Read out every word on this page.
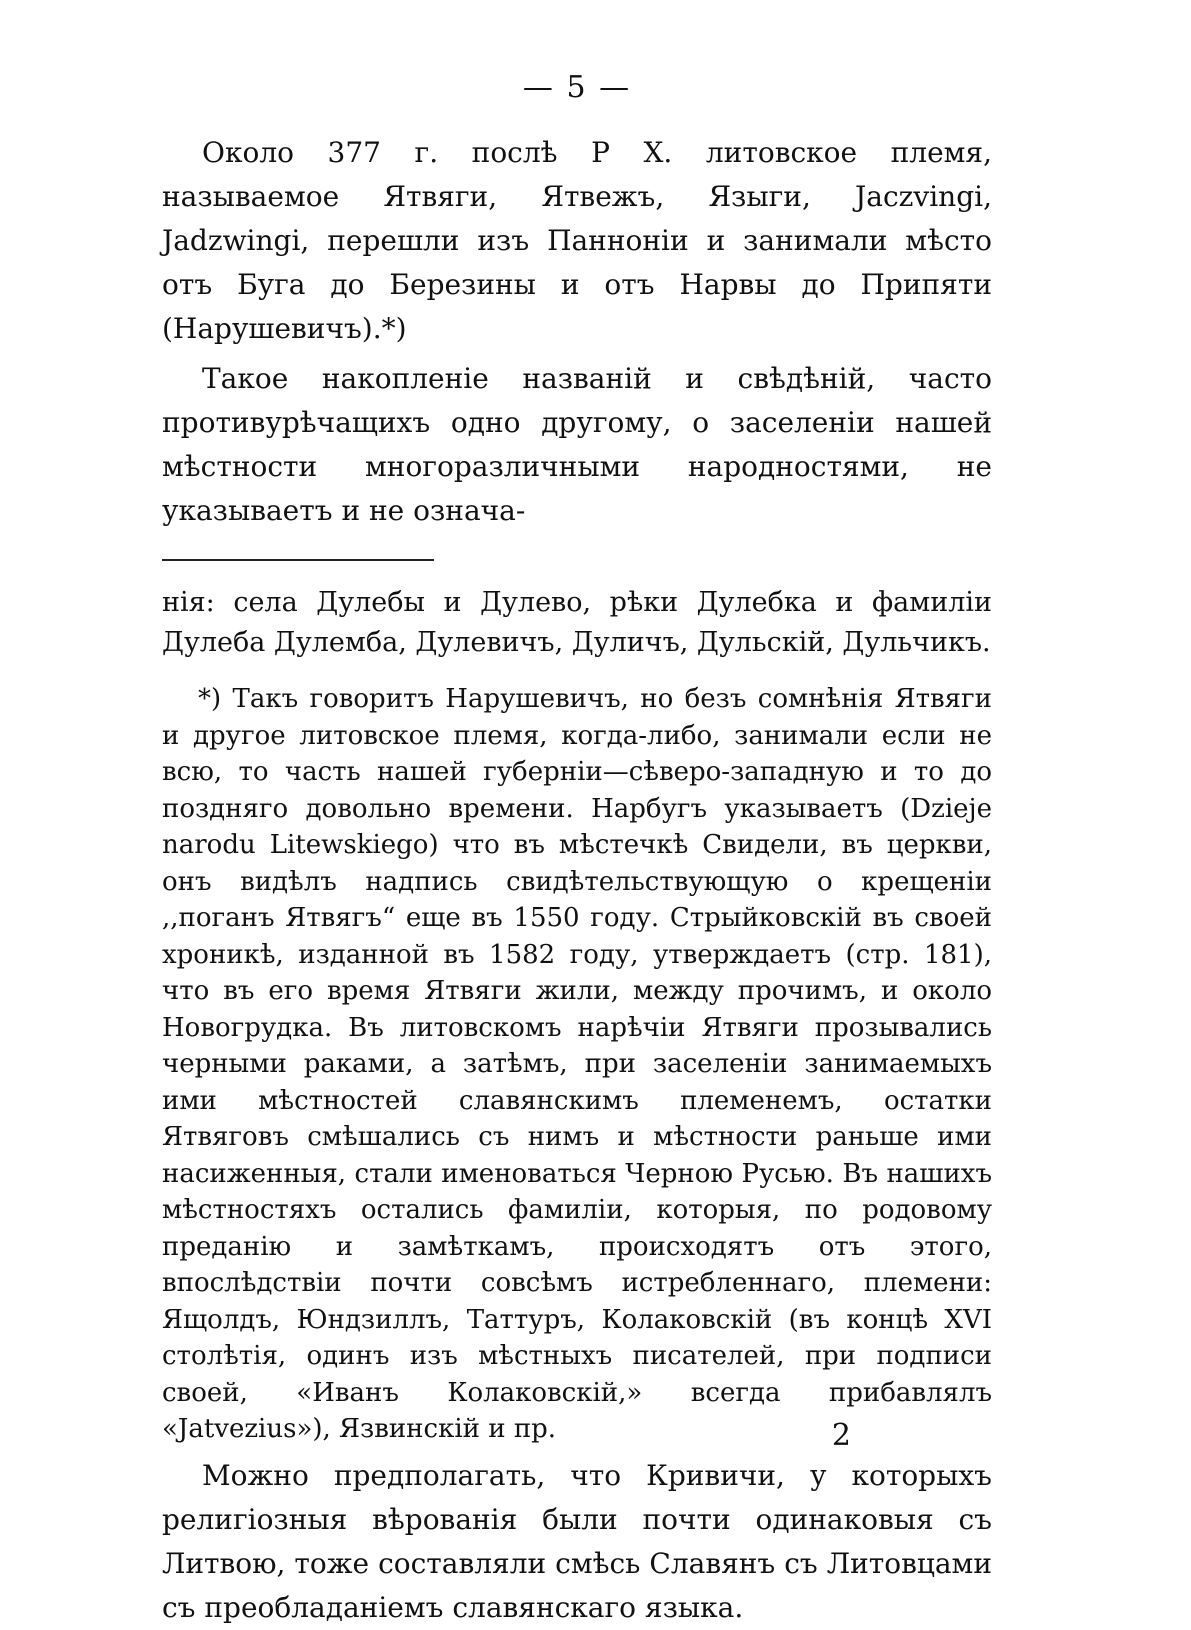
— 5 —

Около 377 г. послѣ Р Х. литовское племя, называемое Ятвяги, Ятвежъ, Языги, Jaczvingi, Jadzwingi, перешли изъ Паннонiи и занимали мѣсто отъ Буга до Березины и отъ Нарвы до Припяти (Нарушевичъ).*)

Такое накопленiе названiй и свѣдѣнiй, часто противурѣчащихъ одно другому, о заселенiи нашей мѣстности многоразличными народностями, не указываетъ и не означа-

нiя: села Дулебы и Дулево, рѣки Дулебка и фамилiи Дулеба Дулемба, Дулевичъ, Дуличъ, Дульскiй, Дульчикъ.

*) Такъ говоритъ Нарушевичъ, но безъ сомнѣнiя Ятвяги и другое литовское племя, когда-либо, занимали если не всю, то часть нашей губернiи—сѣверо-западную и то до поздняго довольно времени. Нарбугъ указываетъ (Dzieje narodu Litewskiego) что въ мѣстечкѣ Свидели, въ церкви, онъ видѣлъ надпись свидѣтельствующую о крещенiи ,,поганъ Ятвягъ“ еще въ 1550 году. Стрыйковскiй въ своей хроникѣ, изданной въ 1582 году, утверждаетъ (стр. 181), что въ его время Ятвяги жили, между прочимъ, и около Новогрудка. Въ литовскомъ нарѣчiи Ятвяги прозывались черными раками, а затѣмъ, при заселенiи занимаемыхъ ими мѣстностей славянскимъ племенемъ, остатки Ятвяговъ смѣшались съ нимъ и мѣстности раньше ими насиженныя, стали именоваться Черною Русью. Въ нашихъ мѣстностяхъ остались фамилiи, которыя, по родовому преданiю и замѣткамъ, происходятъ отъ этого, впослѣдствiи почти совсѣмъ истребленнаго, племени: Ящолдъ, Юндзиллъ, Таттуръ, Колаковскiй (въ концѣ XVI столѣтiя, одинъ изъ мѣстныхъ писателей, при подписи своей, «Иванъ Колаковскiй,» всегда прибавлялъ «Jatvezius»), Язвинскiй и пр.

Можно предполагать, что Кривичи, у которыхъ религiозныя вѣрованiя были почти одинаковыя съ Литвою, тоже составляли смѣсь Славянъ съ Литовцами съ преобладанiемъ славянскаго языка.

2
